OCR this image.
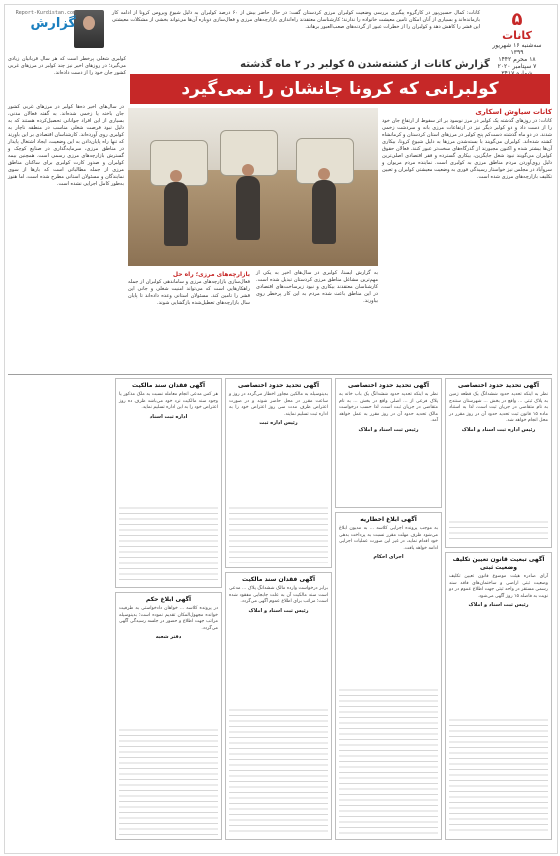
۵
کانات
سه‌شنبه ۱۶ شهریور ۱۳۹۹
۱۸ محرم ۱۴۴۲
۷ سپتامبر ۲۰۲۰
کانات: کمال حسین‌پور در کارگروه پیگیری بررسی وضعیت کولبران مرزی کردستان گفت: در حال حاضر بیش از ۶۰ درصد کولبران به دلیل شیوع ویروس کرونا از ادامه کار بازمانده‌اند و بسیاری از آنان امکان تامین معیشت خانواده را ندارند؛ کارشناسان معتقدند راه‌اندازی بازارچه‌های مرزی و فعال‌سازی دوباره آن‌ها می‌تواند بخشی از مشکلات معیشتی این قشر را کاهش دهد و کولبران را از خطرات عبور از گردنه‌های صعب‌العبور برهاند.
Report-Kurdistan.com
گزارش
گزارش کانات از کشته‌شدن ۵ کولبر در ۲ ماه گذشته
کولبری شغلی پرخطر است که هر سال قربانیان زیادی می‌گیرد؛ در روزهای اخیر نیز چند کولبر در مرزهای غربی کشور جان خود را از دست داده‌اند.
کولبرانی که کرونا جانشان را نمی‌گیرد
کانات سیاوش اسکاری
کانات: در روزهای گذشته یک کولبر در مرز نوسود بر اثر سقوط از ارتفاع جان خود را از دست داد و دو کولبر دیگر نیز در ارتفاعات مرزی بانه و سردشت زخمی شدند. در دو ماه گذشته دست‌کم پنج کولبر در مرزهای استان کردستان و کرمانشاه کشته شده‌اند. کولبران می‌گویند با بسته‌شدن مرزها به دلیل شیوع کرونا، بیکاری آن‌ها بیشتر شده و اکنون مجبورند از گذرگاه‌های سخت‌تر عبور کنند. فعالان حقوق کولبران می‌گویند نبود شغل جایگزین، بیکاری گسترده و فقر اقتصادی اصلی‌ترین دلیل روی‌آوردن مردم مناطق مرزی به کولبری است. نماینده مردم مریوان و سروآباد در مجلس نیز خواستار رسیدگی فوری به وضعیت معیشتی کولبران و تعیین تکلیف بازارچه‌های مرزی شده است.
در سال‌های اخیر ده‌ها کولبر در مرزهای غربی کشور جان باخته یا زخمی شده‌اند. به گفته فعالان مدنی، بسیاری از این افراد جوانانی تحصیل‌کرده هستند که به دلیل نبود فرصت شغلی مناسب در منطقه ناچار به کولبری روی آورده‌اند. کارشناسان اقتصادی بر این باورند که تنها راه پایان‌دادن به این وضعیت، ایجاد اشتغال پایدار در مناطق مرزی، سرمایه‌گذاری در صنایع کوچک و گسترش بازارچه‌های مرزی رسمی است. همچنین بیمه کولبران و صدور کارت کولبری برای ساکنان مناطق مرزی از جمله مطالباتی است که بارها از سوی نمایندگان و مسئولان استانی مطرح شده است، اما هنوز به‌طور کامل اجرایی نشده است.
به گزارش ایسنا، کولبری در سال‌های اخیر به یکی از مهم‌ترین مشاغل مناطق مرزی کردستان تبدیل شده است. کارشناسان معتقدند بیکاری و نبود زیرساخت‌های اقتصادی در این مناطق باعث شده مردم به این کار پرخطر روی بیاورند.
بازارچه‌های مرزی؛ راه حل
فعال‌سازی بازارچه‌های مرزی و ساماندهی کولبران از جمله راهکارهایی است که می‌تواند امنیت شغلی و جانی این قشر را تامین کند. مسئولان استانی وعده داده‌اند تا پایان سال بازارچه‌های تعطیل‌شده بازگشایی شوند.
آگهی تحدید حدود اختصاصی
نظر به اینکه تحدید حدود ششدانگ یک قطعه زمین به پلاک ثبتی ... واقع در بخش ... شهرستان سنندج به نام متقاضی در جریان ثبت است، لذا به استناد ماده ۱۵ قانون ثبت تحدید حدود آن در روز مقرر در محل انجام خواهد شد.
رئیس اداره ثبت اسناد و املاک
آگهی تبعیت قانون تعیین تکلیف وضعیت ثبتی
آرای صادره هیئت موضوع قانون تعیین تکلیف وضعیت ثبتی اراضی و ساختمان‌های فاقد سند رسمی مستقر در واحد ثبتی جهت اطلاع عموم در دو نوبت به فاصله ۱۵ روز آگهی می‌شود.
رئیس ثبت اسناد و املاک
آگهی تحدید حدود اختصاصی
نظر به اینکه تحدید حدود ششدانگ یک باب خانه به پلاک فرعی از ... اصلی واقع در بخش ... به نام متقاضی در جریان ثبت است، لذا حسب درخواست مالک تحدید حدود آن در روز مقرر به عمل خواهد آمد.
رئیس ثبت اسناد و املاک
آگهی ابلاغ اخطاریه
به موجب پرونده اجرایی کلاسه ... به مدیون ابلاغ می‌شود ظرف مهلت مقرر نسبت به پرداخت بدهی خود اقدام نماید، در غیر این صورت عملیات اجرایی ادامه خواهد یافت.
اجرای احکام
آگهی تحدید حدود اختصاصی
بدینوسیله به مالکین مجاور اخطار می‌گردد در روز و ساعت مقرر در محل حاضر شوند و در صورت اعتراض ظرف مدت سی روز اعتراض خود را به اداره ثبت تسلیم نمایند.
رئیس اداره ثبت
آگهی فقدان سند مالکیت
برابر درخواست وارده مالک ششدانگ پلاک ... مدعی است سند مالکیت آن به علت جابجایی مفقود شده است؛ مراتب برای اطلاع عموم آگهی می‌گردد.
رئیس ثبت اسناد و املاک
آگهی فقدان سند مالکیت
هر کس مدعی انجام معامله نسبت به ملک مذکور یا وجود سند مالکیت نزد خود می‌باشد ظرف ده روز اعتراض خود را به این اداره تسلیم نماید.
اداره ثبت اسناد
آگهی ابلاغ حکم
در پرونده کلاسه ... خواهان دادخواستی به طرفیت خوانده مجهول‌المکان تقدیم نموده است؛ بدینوسیله مراتب جهت اطلاع و حضور در جلسه رسیدگی آگهی می‌گردد.
دفتر شعبه
